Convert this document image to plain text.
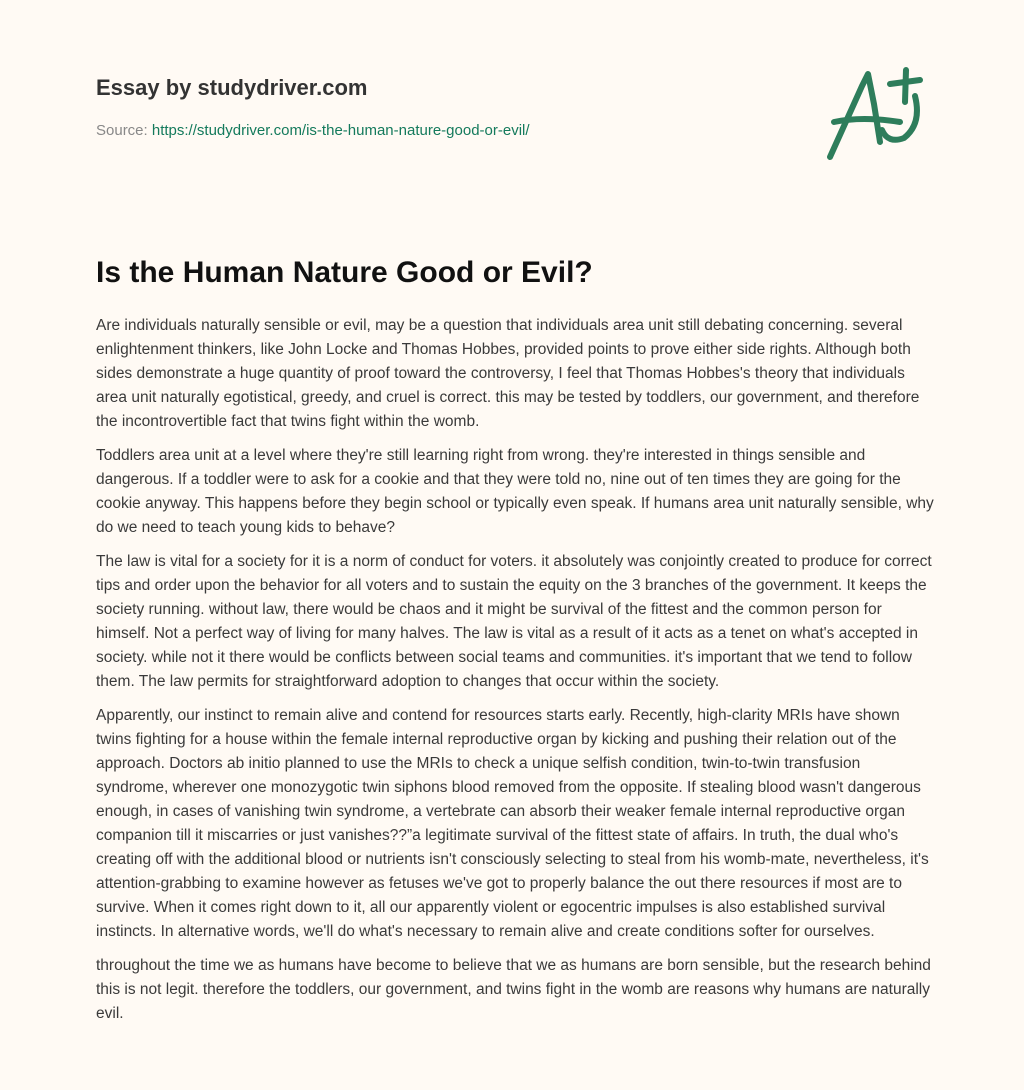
Essay by studydriver.com
Source: https://studydriver.com/is-the-human-nature-good-or-evil/
Is the Human Nature Good or Evil?

Are individuals naturally sensible or evil, may be a question that individuals area unit still debating concerning. several enlightenment thinkers, like John Locke and Thomas Hobbes, provided points to prove either side rights. Although both sides demonstrate a huge quantity of proof toward the controversy, I feel that Thomas Hobbes's theory that individuals area unit naturally egotistical, greedy, and cruel is correct. this may be tested by toddlers, our government, and therefore the incontrovertible fact that twins fight within the womb.

Toddlers area unit at a level where they're still learning right from wrong. they're interested in things sensible and dangerous. If a toddler were to ask for a cookie and that they were told no, nine out of ten times they are going for the cookie anyway. This happens before they begin school or typically even speak. If humans area unit naturally sensible, why do we need to teach young kids to behave?

The law is vital for a society for it is a norm of conduct for voters. it absolutely was conjointly created to produce for correct tips and order upon the behavior for all voters and to sustain the equity on the 3 branches of the government. It keeps the society running. without law, there would be chaos and it might be survival of the fittest and the common person for himself. Not a perfect way of living for many halves. The law is vital as a result of it acts as a tenet on what's accepted in society. while not it there would be conflicts between social teams and communities. it's important that we tend to follow them. The law permits for straightforward adoption to changes that occur within the society.

Apparently, our instinct to remain alive and contend for resources starts early. Recently, high-clarity MRIs have shown twins fighting for a house within the female internal reproductive organ by kicking and pushing their relation out of the approach. Doctors ab initio planned to use the MRIs to check a unique selfish condition, twin-to-twin transfusion syndrome, wherever one monozygotic twin siphons blood removed from the opposite. If stealing blood wasn't dangerous enough, in cases of vanishing twin syndrome, a vertebrate can absorb their weaker female internal reproductive organ companion till it miscarries or just vanishes??”a legitimate survival of the fittest state of affairs. In truth, the dual who's creating off with the additional blood or nutrients isn't consciously selecting to steal from his womb-mate, nevertheless, it's attention-grabbing to examine however as fetuses we've got to properly balance the out there resources if most are to survive. When it comes right down to it, all our apparently violent or egocentric impulses is also established survival instincts. In alternative words, we'll do what's necessary to remain alive and create conditions softer for ourselves.

throughout the time we as humans have become to believe that we as humans are born sensible, but the research behind this is not legit. therefore the toddlers, our government, and twins fight in the womb are reasons why humans are naturally evil.
